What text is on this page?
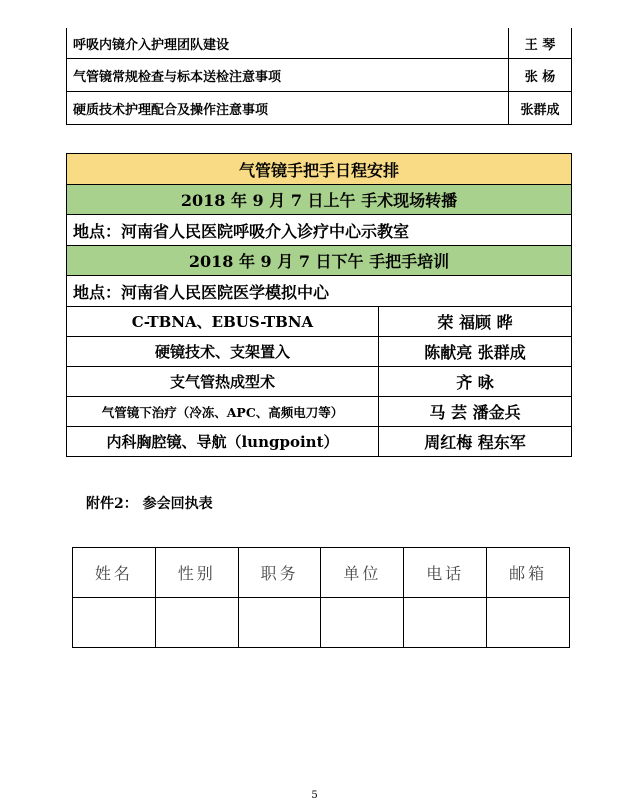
呼吸内镜介入护理团队建设	王 琴
气管镜常规检查与标本送检注意事项	张 杨
硬质技术护理配合及操作注意事项	张群成
气管镜手把手日程安排	
2018 年 9 月 7 日上午 手术现场转播	
地点：河南省人民医院呼吸介入诊疗中心示教室	
2018 年 9 月 7 日下午 手把手培训	
地点：河南省人民医院医学模拟中心	
C-TBNA、EBUS-TBNA	荣 福顾 晔
硬镜技术、支架置入	陈献亮 张群成
支气管热成型术	齐 咏
气管镜下治疗（冷冻、APC、高频电刀等）	马 芸 潘金兵
内科胸腔镜、导航（lungpoint）	周红梅 程东军
附件2： 参会回执表
姓名	性别	职务	单位	电话	邮箱

5
